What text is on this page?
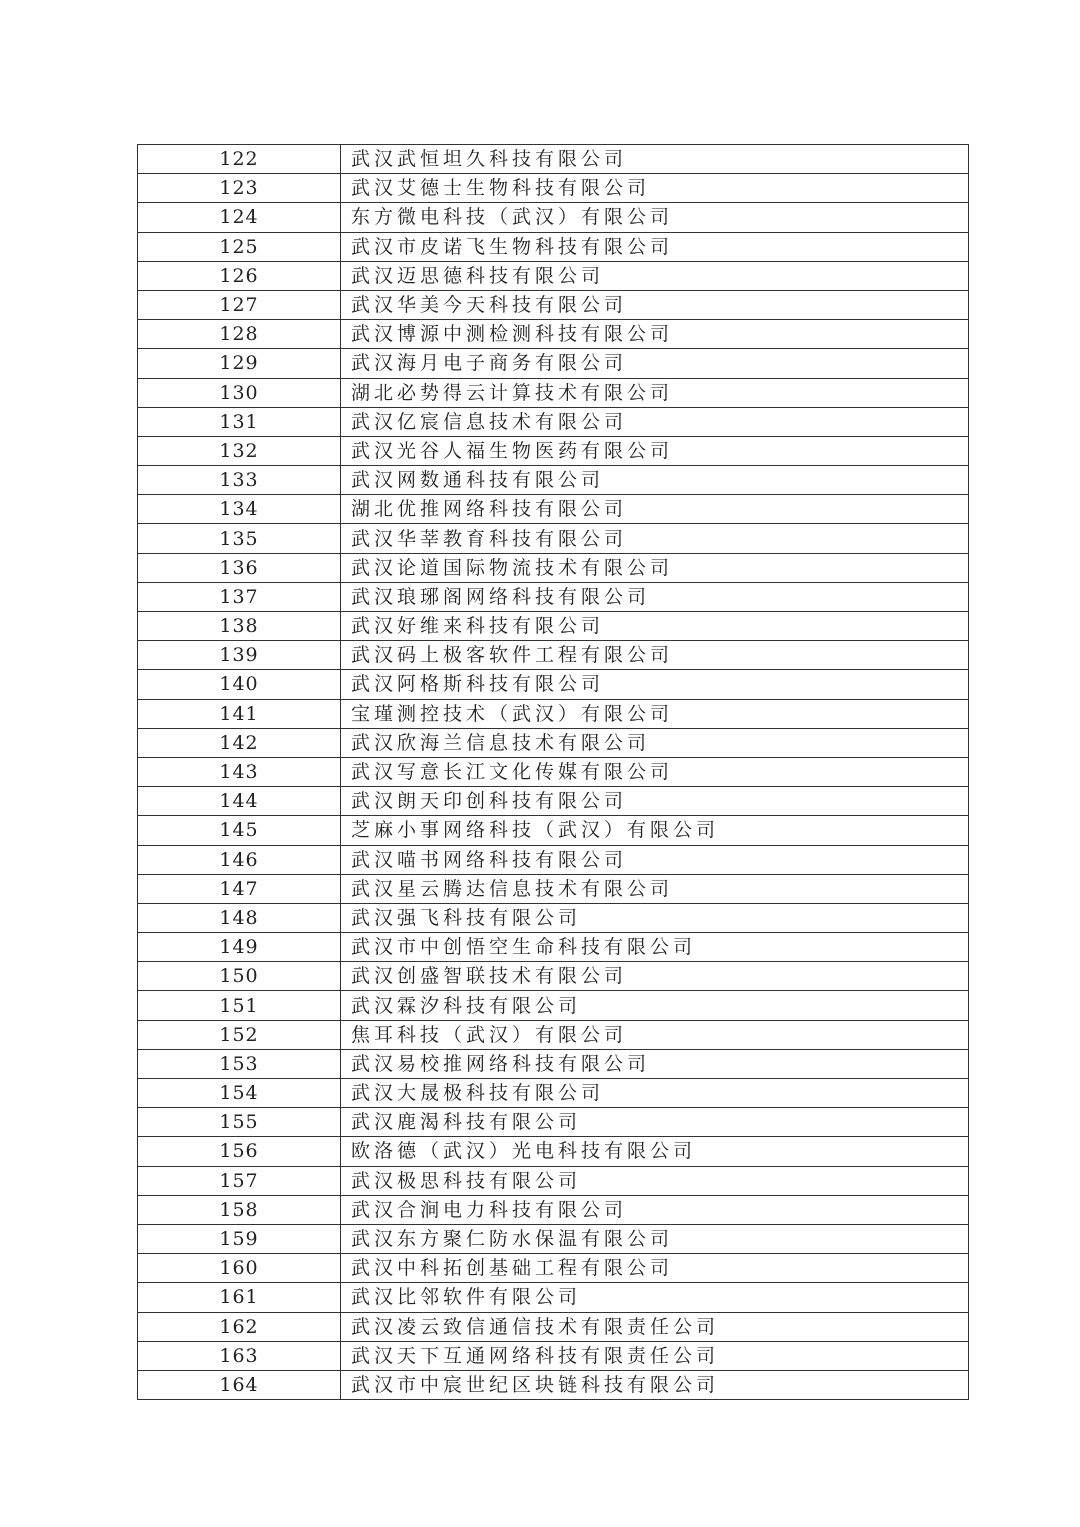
122	武汉武恒坦久科技有限公司
123	武汉艾德士生物科技有限公司
124	东方微电科技（武汉）有限公司
125	武汉市皮诺飞生物科技有限公司
126	武汉迈思德科技有限公司
127	武汉华美今天科技有限公司
128	武汉博源中测检测科技有限公司
129	武汉海月电子商务有限公司
130	湖北必势得云计算技术有限公司
131	武汉亿宸信息技术有限公司
132	武汉光谷人福生物医药有限公司
133	武汉网数通科技有限公司
134	湖北优推网络科技有限公司
135	武汉华莘教育科技有限公司
136	武汉论道国际物流技术有限公司
137	武汉琅琊阁网络科技有限公司
138	武汉好维来科技有限公司
139	武汉码上极客软件工程有限公司
140	武汉阿格斯科技有限公司
141	宝瑾测控技术（武汉）有限公司
142	武汉欣海兰信息技术有限公司
143	武汉写意长江文化传媒有限公司
144	武汉朗天印创科技有限公司
145	芝麻小事网络科技（武汉）有限公司
146	武汉喵书网络科技有限公司
147	武汉星云腾达信息技术有限公司
148	武汉强飞科技有限公司
149	武汉市中创悟空生命科技有限公司
150	武汉创盛智联技术有限公司
151	武汉霖汐科技有限公司
152	焦耳科技（武汉）有限公司
153	武汉易校推网络科技有限公司
154	武汉大晟极科技有限公司
155	武汉鹿渴科技有限公司
156	欧洛德（武汉）光电科技有限公司
157	武汉极思科技有限公司
158	武汉合涧电力科技有限公司
159	武汉东方聚仁防水保温有限公司
160	武汉中科拓创基础工程有限公司
161	武汉比邻软件有限公司
162	武汉凌云致信通信技术有限责任公司
163	武汉天下互通网络科技有限责任公司
164	武汉市中宸世纪区块链科技有限公司
